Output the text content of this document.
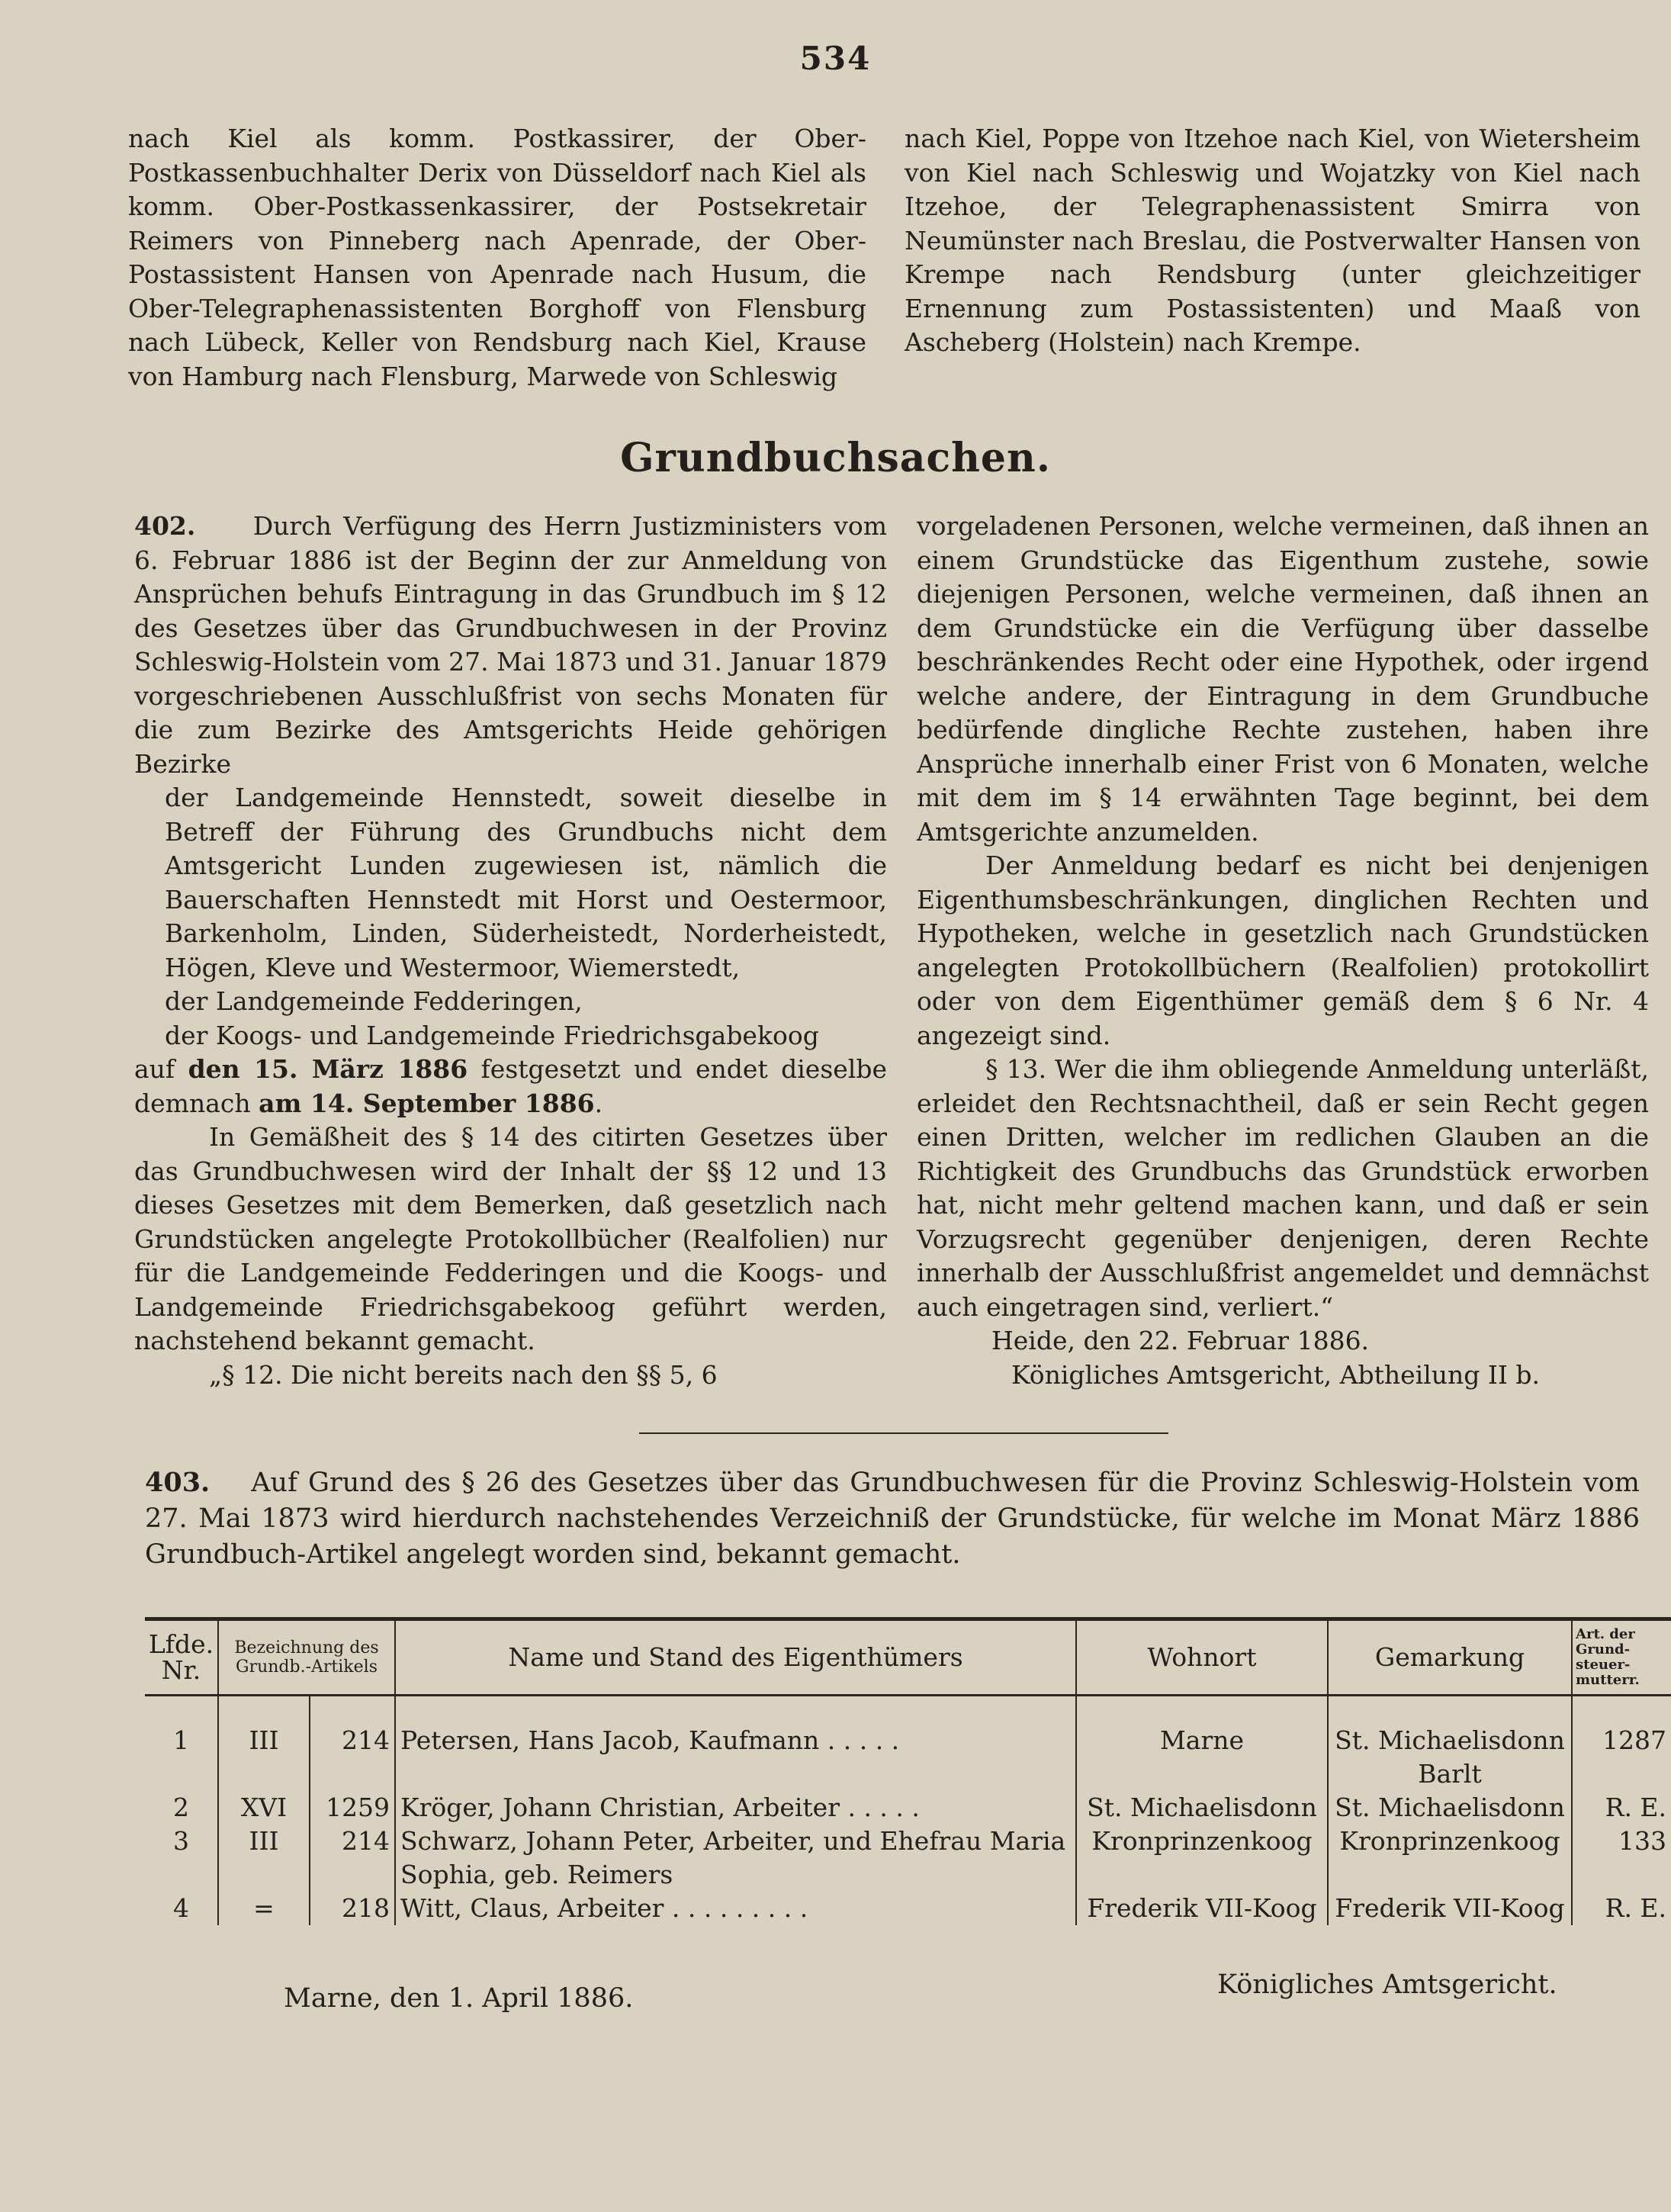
534

nach Kiel als komm. Postkassirer, der Ober-Postkassenbuchhalter Derix von Düsseldorf nach Kiel als komm. Ober-Postkassenkassirer, der Postsekretair Reimers von Pinneberg nach Apenrade, der Ober-Postassistent Hansen von Apenrade nach Husum, die Ober-Telegraphenassistenten Borghoff von Flensburg nach Lübeck, Keller von Rendsburg nach Kiel, Krause von Hamburg nach Flensburg, Marwede von Schleswig

nach Kiel, Poppe von Itzehoe nach Kiel, von Wietersheim von Kiel nach Schleswig und Wojatzky von Kiel nach Itzehoe, der Telegraphenassistent Smirra von Neumünster nach Breslau, die Postverwalter Hansen von Krempe nach Rendsburg (unter gleichzeitiger Ernennung zum Postassistenten) und Maaß von Ascheberg (Holstein) nach Krempe.

Grundbuchsachen.

402. Durch Verfügung des Herrn Justizministers vom 6. Februar 1886 ist der Beginn der zur Anmeldung von Ansprüchen behufs Eintragung in das Grundbuch im § 12 des Gesetzes über das Grundbuchwesen in der Provinz Schleswig-Holstein vom 27. Mai 1873 und 31. Januar 1879 vorgeschriebenen Ausschlußfrist von sechs Monaten für die zum Bezirke des Amtsgerichts Heide gehörigen Bezirke

der Landgemeinde Hennstedt, soweit dieselbe in Betreff der Führung des Grundbuchs nicht dem Amtsgericht Lunden zugewiesen ist, nämlich die Bauerschaften Hennstedt mit Horst und Oestermoor, Barkenholm, Linden, Süderheistedt, Norderheistedt, Högen, Kleve und Westermoor, Wiemerstedt,

der Landgemeinde Fedderingen,

der Koogs- und Landgemeinde Friedrichsgabekoog

auf den 15. März 1886 festgesetzt und endet dieselbe demnach am 14. September 1886.

In Gemäßheit des § 14 des citirten Gesetzes über das Grundbuchwesen wird der Inhalt der §§ 12 und 13 dieses Gesetzes mit dem Bemerken, daß gesetzlich nach Grundstücken angelegte Protokollbücher (Realfolien) nur für die Landgemeinde Fedderingen und die Koogs- und Landgemeinde Friedrichsgabekoog geführt werden, nachstehend bekannt gemacht.

„§ 12. Die nicht bereits nach den §§ 5, 6

vorgeladenen Personen, welche vermeinen, daß ihnen an einem Grundstücke das Eigenthum zustehe, sowie diejenigen Personen, welche vermeinen, daß ihnen an dem Grundstücke ein die Verfügung über dasselbe beschränkendes Recht oder eine Hypothek, oder irgend welche andere, der Eintragung in dem Grundbuche bedürfende dingliche Rechte zustehen, haben ihre Ansprüche innerhalb einer Frist von 6 Monaten, welche mit dem im § 14 erwähnten Tage beginnt, bei dem Amtsgerichte anzumelden.

Der Anmeldung bedarf es nicht bei denjenigen Eigenthumsbeschränkungen, dinglichen Rechten und Hypotheken, welche in gesetzlich nach Grundstücken angelegten Protokollbüchern (Realfolien) protokollirt oder von dem Eigenthümer gemäß dem § 6 Nr. 4 angezeigt sind.

§ 13. Wer die ihm obliegende Anmeldung unterläßt, erleidet den Rechtsnachtheil, daß er sein Recht gegen einen Dritten, welcher im redlichen Glauben an die Richtigkeit des Grundbuchs das Grundstück erworben hat, nicht mehr geltend machen kann, und daß er sein Vorzugsrecht gegenüber denjenigen, deren Rechte innerhalb der Ausschlußfrist angemeldet und demnächst auch eingetragen sind, verliert.“

Heide, den 22. Februar 1886.

Königliches Amtsgericht, Abtheilung II b.

403. Auf Grund des § 26 des Gesetzes über das Grundbuchwesen für die Provinz Schleswig-Holstein vom 27. Mai 1873 wird hierdurch nachstehendes Verzeichniß der Grundstücke, für welche im Monat März 1886 Grundbuch-Artikel angelegt worden sind, bekannt gemacht.

Lfde. Nr.	Bezeichnung des Grundb.-Artikels		Name und Stand des Eigenthümers	Wohnort	Gemarkung	Art. der Grund-steuer-mutterr.
1	III	214	Petersen, Hans Jacob, Kaufmann . . . . .	Marne	St. Michaelisdonn Barlt	1287
2	XVI	1259	Kröger, Johann Christian, Arbeiter . . . . .	St. Michaelisdonn	St. Michaelisdonn	R. E.
3	III	214	Schwarz, Johann Peter, Arbeiter, und Ehefrau Maria Sophia, geb. Reimers	Kronprinzenkoog	Kronprinzenkoog	133
4	=	218	Witt, Claus, Arbeiter . . . . . . . . .	Frederik VII-Koog	Frederik VII-Koog	R. E.
Marne, den 1. April 1886.	Königliches Amtsgericht.
